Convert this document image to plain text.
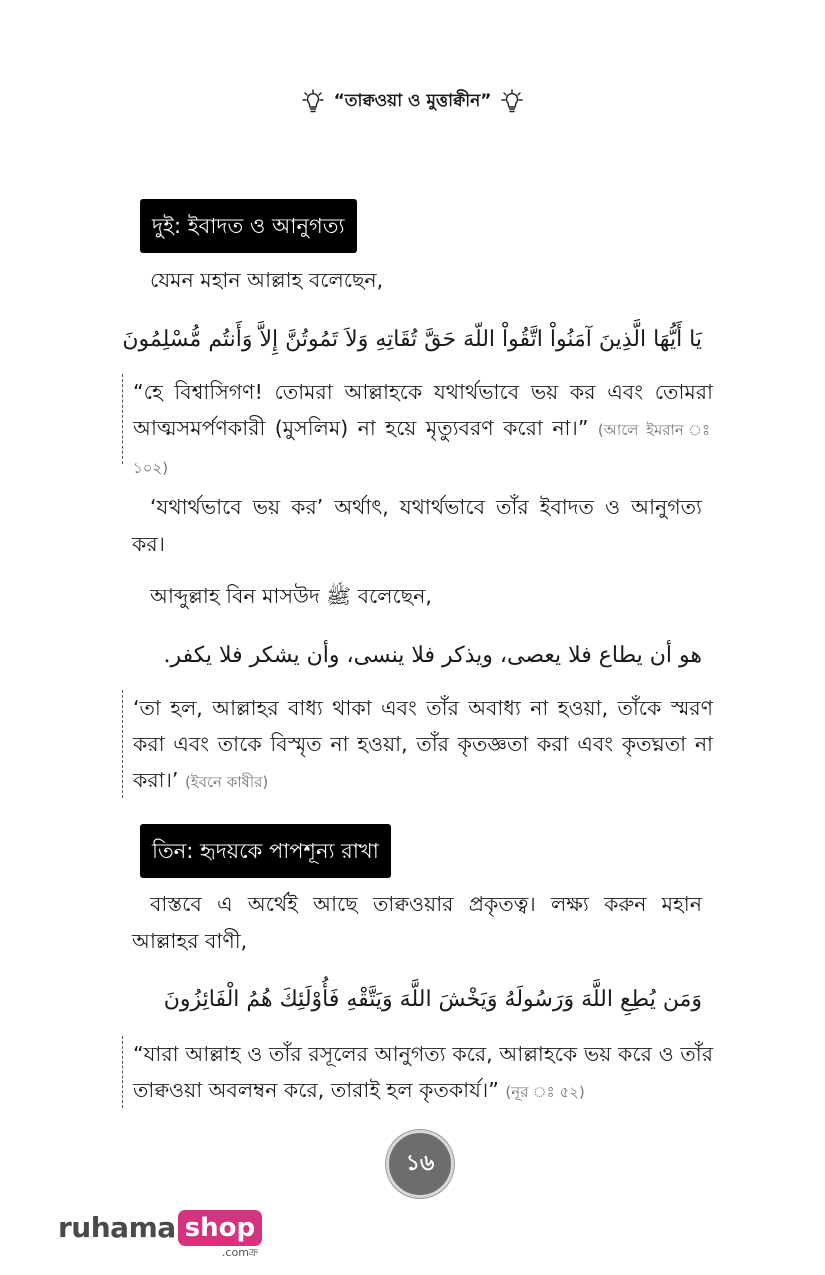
“তাক্বওয়া ও মুত্তাক্বীন”
দুই: ইবাদত ও আনুগত্য
যেমন মহান আল্লাহ বলেছেন,
يَا أَيُّهَا الَّذِينَ آمَنُواْ اتَّقُواْ اللّهَ حَقَّ تُقَاتِهِ وَلاَ تَمُوتُنَّ إِلاَّ وَأَنتُم مُّسْلِمُونَ
“হে বিশ্বাসিগণ! তোমরা আল্লাহকে যথার্থভাবে ভয় কর এবং তোমরা আত্মসমর্পণকারী (মুসলিম) না হয়ে মৃত্যুবরণ করো না।” (আলে ইমরান ঃ ১০২)
‘যথার্থভাবে ভয় কর’ অর্থাৎ, যথার্থভাবে তাঁর ইবাদত ও আনুগত্য কর।
আব্দুল্লাহ বিন মাসউদ ﷺ বলেছেন,
هو أن يطاع فلا يعصى، ويذكر فلا ينسى، وأن يشكر فلا يكفر.
‘তা হল, আল্লাহর বাধ্য থাকা এবং তাঁর অবাধ্য না হওয়া, তাঁকে স্মরণ করা এবং তাকে বিস্মৃত না হওয়া, তাঁর কৃতজ্ঞতা করা এবং কৃতঘ্নতা না করা।’ (ইবনে কাষীর)
তিন: হৃদয়কে পাপশূন্য রাখা
বাস্তবে এ অর্থেই আছে তাক্বওয়ার প্রকৃতত্ব। লক্ষ্য করুন মহান আল্লাহর বাণী,
وَمَن يُطِعِ اللَّهَ وَرَسُولَهُ وَيَخْشَ اللَّهَ وَيَتَّقْهِ فَأُوْلَئِكَ هُمُ الْفَائِزُونَ
“যারা আল্লাহ ও তাঁর রসূলের আনুগত্য করে, আল্লাহকে ভয় করে ও তাঁর তাক্বওয়া অবলম্বন করে, তারাই হল কৃতকার্য।” (নূর ঃ ৫২)
১৬
ruhama shop
.comক্র
